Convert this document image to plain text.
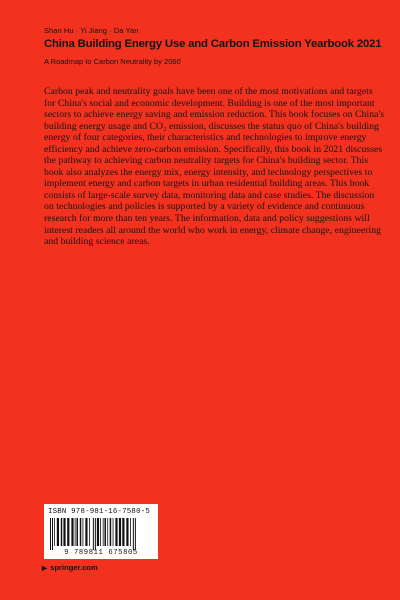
Shan Hu · Yi Jiang · Da Yan
China Building Energy Use and Carbon Emission Yearbook 2021
A Roadmap to Carbon Neutrality by 2060

Carbon peak and neutrality goals have been one of the most motivations and targets
for China's social and economic development. Building is one of the most important
sectors to achieve energy saving and emission reduction. This book focuses on China's
building energy usage and CO₂ emission, discusses the status quo of China's building
energy of four categories, their characteristics and technologies to improve energy
efficiency and achieve zero-carbon emission. Specifically, this book in 2021 discusses
the pathway to achieving carbon neutrality targets for China's building sector. This
book also analyzes the energy mix, energy intensity, and technology perspectives to
implement energy and carbon targets in urban residential building areas. This book
consists of large-scale survey data, monitoring data and case studies. The discussion
on technologies and policies is supported by a variety of evidence and continuous
research for more than ten years. The information, data and policy suggestions will
interest readers all around the world who work in energy, climate change, engineering
and building science areas.

ISBN 978-981-16-7580-5
9 789811 675805
▶ springer.com
